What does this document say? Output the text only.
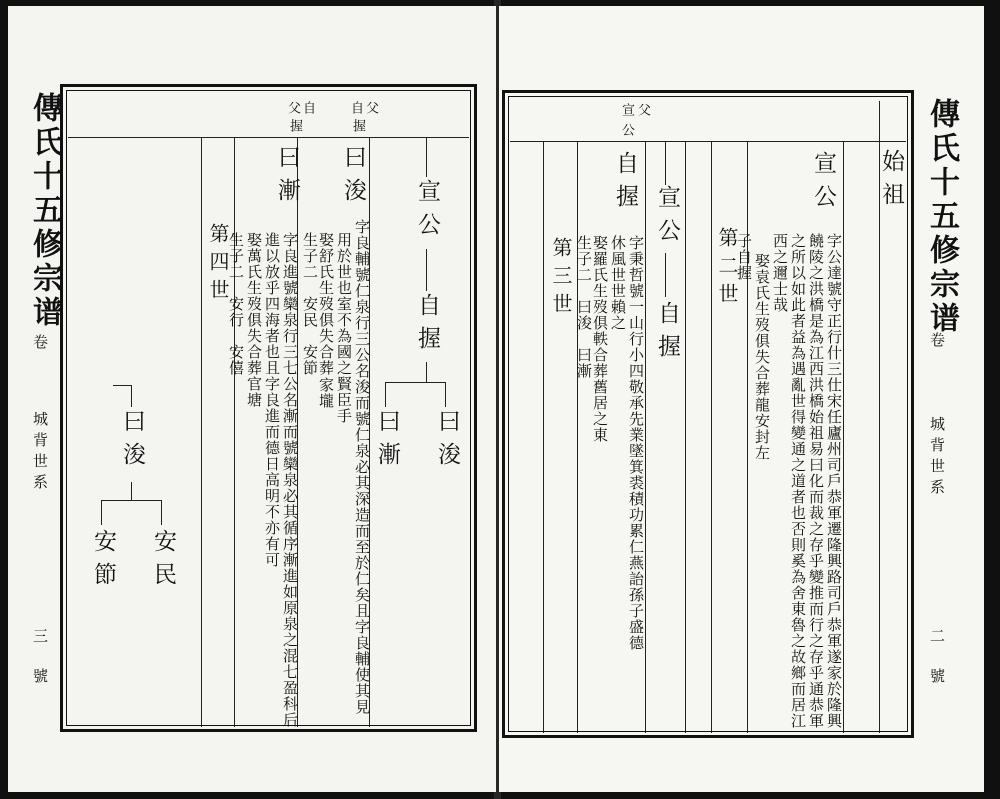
傳氏十五修宗谱
卷
城背世系
三
號
父 自
握
父
自
握
第四世
曰漸
字良進號欒泉行三七公名漸而號欒泉必其循序漸進如原泉之混七盈科后
進以放乎四海者也且字良進而德日高明不亦有可
娶萬氏生歿俱失合葬官塘
生子二　安行　安僖
曰浚
字良輔號仁泉行三公名浚而號仁泉必其深造而至於仁矣且字良輔使其見
用於世也室不為國之賢臣手
娶舒氏生歿俱失合葬
生子二　安民　安節
家壠
宣公
自握
曰浚
曰漸
曰浚
安民
安節
傳氏十五修宗谱
卷
城背世系
二
號
父
宣
公
始祖
宣公
字公達號守正行什三仕宋任廬州司戶恭軍遷隆興路司戶恭軍遂家於隆興
饒陵之洪橋是為江西洪橋始祖易曰化而裁之存乎變推而行之存乎通恭軍
之所以如此者益為遇亂世得變通之道者也否則奚為舍東魯之故鄉而居江
西之邇士哉
娶袁氏生歿俱失合葬龍安封左
子自握
第二世
宣公
自握
自握
字秉哲號一山行小四敬承先業墜箕裘積功累仁燕詒孫子盛德
休風世世賴之
娶羅氏生歿俱軼合葬舊居之東
生子二　曰浚　曰漸
第三世
